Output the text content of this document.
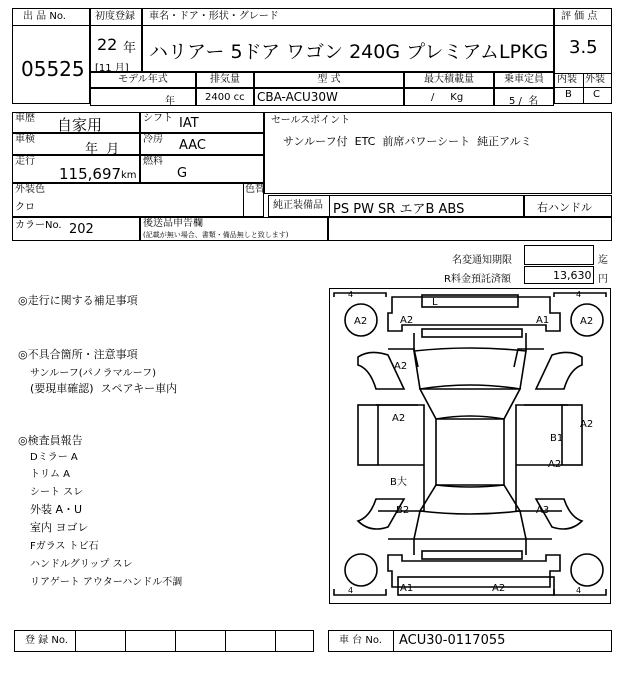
出 品 No.
05525
初度登録
22 年
[11 月]
車名・ドア・形状・グレード
ハリアー 5ドア ワゴン 240G プレミアムLPKG
モデル年式	排気量	型 式	最大積載量	乗車定員
年	2400 cc CBA-ACU30W	/     Kg	5 /  名
評 価 点
3.5
内装 外装
B C
車歴 自家用	シフト IAT
車検
年  月
冷房 AAC
走行
115,697 km
燃料
G
外装色
クロ
色替
カラーNo. 202	後送品申告欄
(記載が無い場合、書類・備品無しと致します)
セールスポイント
サンルーフ付  ETC  前席パワーシート  純正アルミ
純正装備品 PS PW SR エアB ABS	右ハンドル
名変通知期限	迄
R料金預託済額	13,630 円
◎走行に関する補足事項
◎不具合箇所・注意事項
サンルーフ(パノラマルーフ)
(要現車確認)  スペアキー車内
◎検査員報告
Dミラー A
トリム A
シート スレ
外装 A・U
室内 ヨゴレ
Fガラス トビ石
ハンドルグリップ スレ
リアゲート アウターハンドル不調
4	4
4	4
L
A2	A1
A2	A2
A2
A2
B1
A2
A2
B大
B2	A3
A1	A2
登 録 No.	車 台 No. ACU30-0117055
